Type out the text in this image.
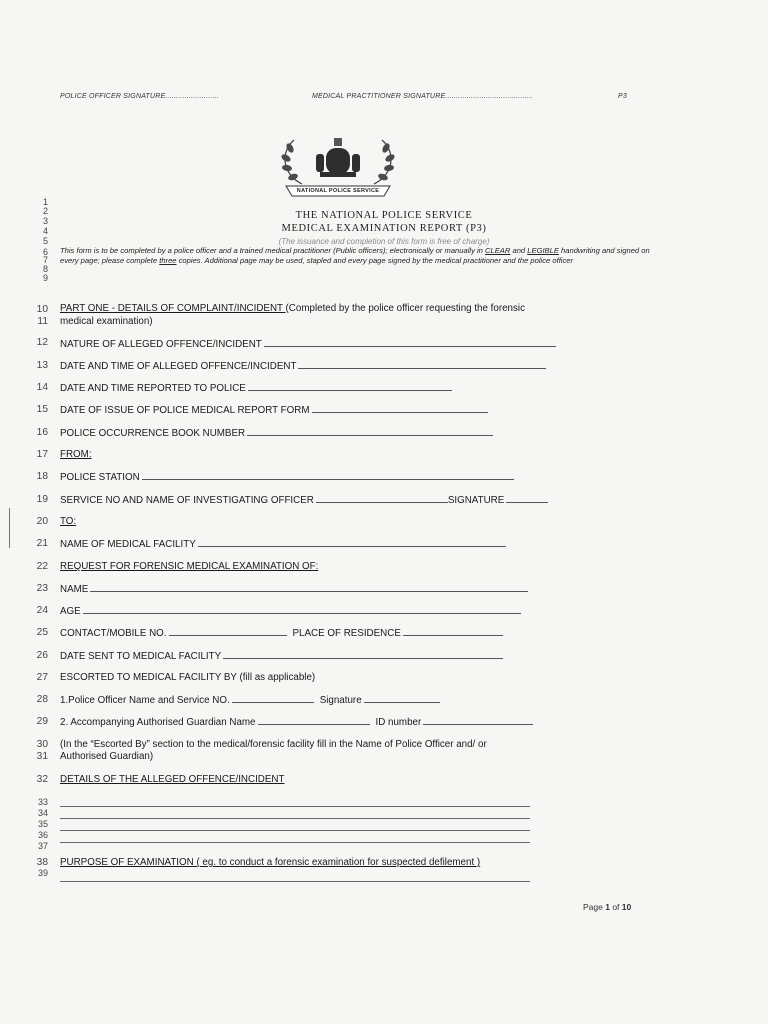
POLICE OFFICER SIGNATURE.........................	MEDICAL PRACTITIONER SIGNATURE.........................................	P3
NATIONAL POLICE SERVICE
THE NATIONAL POLICE SERVICE
MEDICAL EXAMINATION REPORT (P3)
(The issuance and completion of this form is free of charge)
This form is to be completed by a police officer and a trained medical practitioner (Public officers); electronically or manually in CLEAR and LEGIBLE handwriting and signed on every page; please complete three copies. Additional page may be used, stapled and every page signed by the medical practitioner and the police officer
1
2
3
4
5
6
7
8
9
10
11
12
13
14
15
16
17
18
19
20
21
22
23
24
25
26
27
28
29
30
31
32
33
34
35
36
37
38
39
PART ONE - DETAILS OF COMPLAINT/INCIDENT (Completed by the police officer requesting the forensic
medical examination)
NATURE OF ALLEGED OFFENCE/INCIDENT
DATE AND TIME OF ALLEGED OFFENCE/INCIDENT
DATE AND TIME REPORTED TO POLICE
DATE OF ISSUE OF POLICE MEDICAL REPORT FORM
POLICE OCCURRENCE BOOK NUMBER
FROM:
POLICE STATION
SERVICE NO AND NAME OF INVESTIGATING OFFICER	SIGNATURE
TO:
NAME OF MEDICAL FACILITY
REQUEST FOR FORENSIC MEDICAL EXAMINATION OF:
NAME
AGE
CONTACT/MOBILE NO.	PLACE OF RESIDENCE
DATE SENT TO MEDICAL FACILITY
ESCORTED TO MEDICAL FACILITY BY (fill as applicable)
1.Police Officer Name and Service NO.	Signature
2. Accompanying Authorised Guardian Name	ID number
(In the “Escorted By” section to the medical/forensic facility fill in the Name of Police Officer and/ or
Authorised Guardian)
DETAILS OF THE ALLEGED OFFENCE/INCIDENT
PURPOSE OF EXAMINATION ( eg. to conduct a forensic examination for suspected defilement )
Page 1 of 10
